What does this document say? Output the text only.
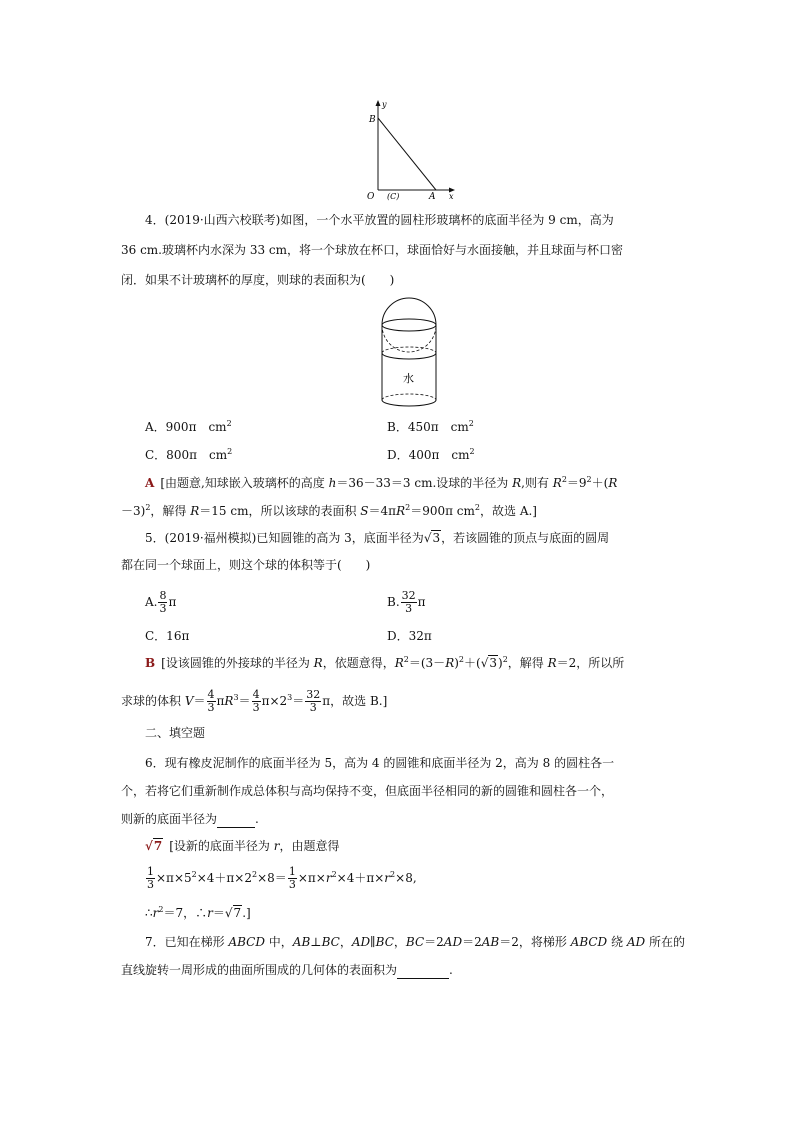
y
B
O (C)	A x
4．(2019·山西六校联考)如图，一个水平放置的圆柱形玻璃杯的底面半径为 9 cm，高为
36 cm.玻璃杯内水深为 33 cm，将一个球放在杯口，球面恰好与水面接触，并且球面与杯口密
闭．如果不计玻璃杯的厚度，则球的表面积为(　　)
水
A．900π　$cm^2$	B．450π　$cm^2$
C．800π　$cm^2$	D．400π　$cm^2$
A [由题意,知球嵌入玻璃杯的高度 h＝36－33＝3 cm.设球的半径为 R,则有 $R^2=9^2+(R$
－3)$^2$，解得 R＝15 cm，所以该球的表面积 $S=4\pi R^2=900\pi$ $cm^2$，故选 A.]
5．(2019·福州模拟)已知圆锥的高为 3，底面半径为√3，若该圆锥的顶点与底面的圆周
都在同一个球面上，则这个球的体积等于(　　)
A. $\frac{8}{3}$ π	B. $\frac{32}{3}$ π
C．16π	D．32π
B [设该圆锥的外接球的半径为 R，依题意得，$R^2=(3-R)^2+(√3)^2$，解得 R＝2，所以所
求球的体积 $V= \frac{4}{3} \pi R^3= \frac{4}{3} \pi\times 2^3= \frac{32}{3}$ π，故选 B.]
二、填空题
6．现有橡皮泥制作的底面半径为 5，高为 4 的圆锥和底面半径为 2，高为 8 的圆柱各一
个，若将它们重新制作成总体积与高均保持不变，但底面半径相同的新的圆锥和圆柱各一个，
则新的底面半径为	.
√7 [设新的底面半径为 r，由题意得
$\frac{1}{3} \times\pi\times 5^2\times 4+\pi\times 2^2\times 8= \frac{1}{3} \times\pi\times r^2\times 4+\pi\times r^2\times 8$,
$\therefore r^2=7$，∴r＝√7.]
7．已知在梯形 ABCD 中，AB⊥BC，AD∥BC，BC＝2AD＝2AB＝2，将梯形 ABCD 绕 AD 所在的
直线旋转一周形成的曲面所围成的几何体的表面积为	.
